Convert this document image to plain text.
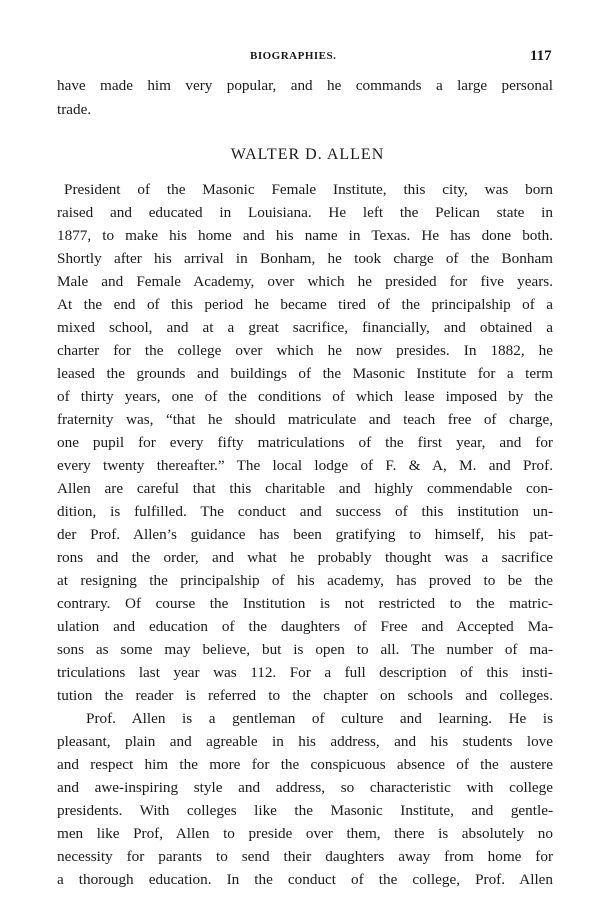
BIOGRAPHIES.	117
have made him very popular, and he commands a large personal
trade.
WALTER D. ALLEN
President of the Masonic Female Institute, this city, was born
raised and educated in Louisiana. He left the Pelican state in
1877, to make his home and his name in Texas. He has done both.
Shortly after his arrival in Bonham, he took charge of the Bonham
Male and Female Academy, over which he presided for five years.
At the end of this period he became tired of the principalship of a
mixed school, and at a great sacrifice, financially, and obtained a
charter for the college over which he now presides. In 1882, he
leased the grounds and buildings of the Masonic Institute for a term
of thirty years, one of the conditions of which lease imposed by the
fraternity was, “that he should matriculate and teach free of charge,
one pupil for every fifty matriculations of the first year, and for
every twenty thereafter.” The local lodge of F. & A, M. and Prof.
Allen are careful that this charitable and highly commendable con-
dition, is fulfilled. The conduct and success of this institution un-
der Prof. Allen’s guidance has been gratifying to himself, his pat-
rons and the order, and what he probably thought was a sacrifice
at resigning the principalship of his academy, has proved to be the
contrary. Of course the Institution is not restricted to the matric-
ulation and education of the daughters of Free and Accepted Ma-
sons as some may believe, but is open to all. The number of ma-
triculations last year was 112. For a full description of this insti-
tution the reader is referred to the chapter on schools and colleges.
Prof. Allen is a gentleman of culture and learning. He is
pleasant, plain and agreable in his address, and his students love
and respect him the more for the conspicuous absence of the austere
and awe-inspiring style and address, so characteristic with college
presidents. With colleges like the Masonic Institute, and gentle-
men like Prof, Allen to preside over them, there is absolutely no
necessity for parants to send their daughters away from home for
a thorough education. In the conduct of the college, Prof. Allen
